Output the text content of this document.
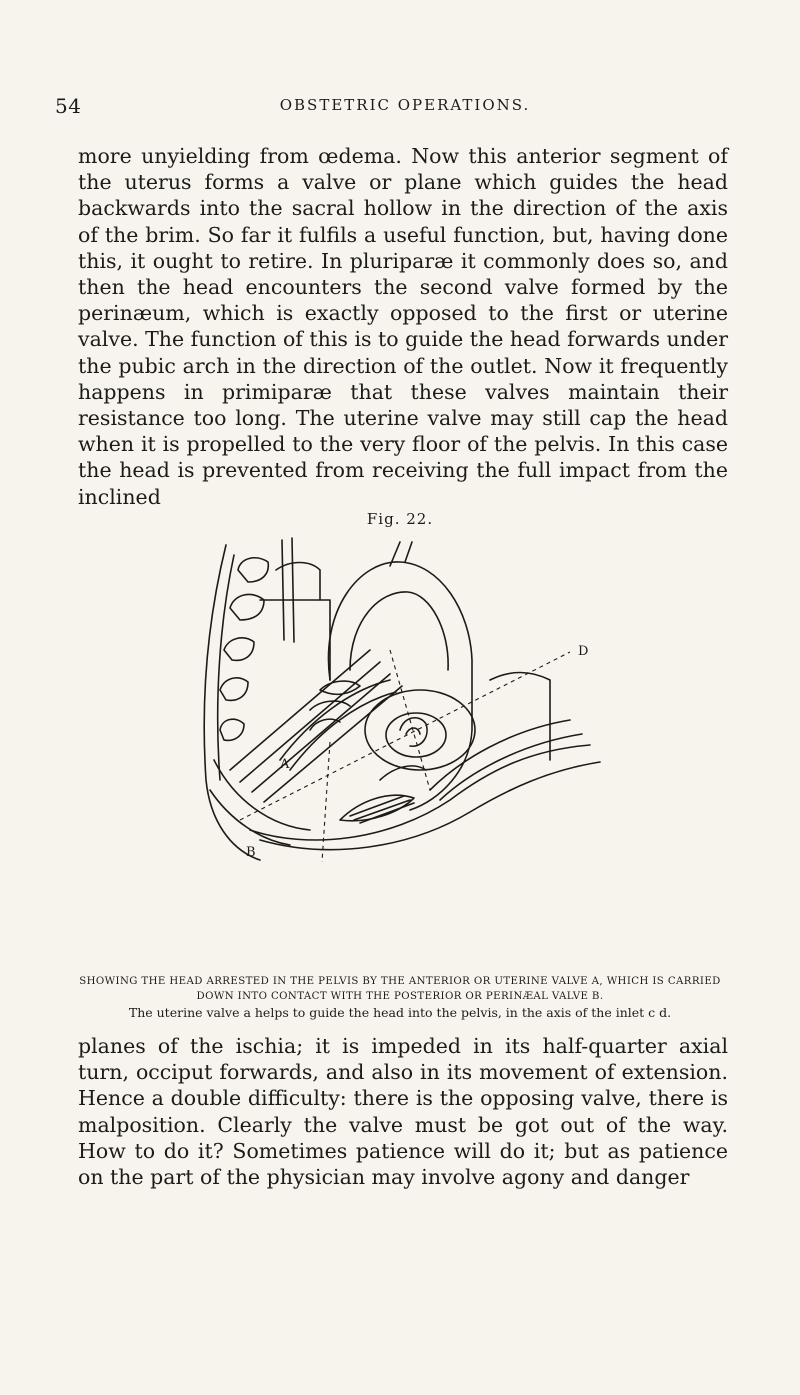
54	OBSTETRIC OPERATIONS.

more unyielding from œdema. Now this anterior segment of the uterus forms a valve or plane which guides the head backwards into the sacral hollow in the direction of the axis of the brim. So far it fulfils a useful function, but, having done this, it ought to retire. In pluriparæ it commonly does so, and then the head encounters the second valve formed by the perinæum, which is exactly opposed to the first or uterine valve. The function of this is to guide the head forwards under the pubic arch in the direction of the outlet. Now it frequently happens in primiparæ that these valves maintain their resistance too long. The uterine valve may still cap the head when it is propelled to the very floor of the pelvis. In this case the head is prevented from receiving the full impact from the inclined

Fig. 22.
A
B
D
SHOWING THE HEAD ARRESTED IN THE PELVIS BY THE ANTERIOR OR UTERINE VALVE A, WHICH IS CARRIED DOWN INTO CONTACT WITH THE POSTERIOR OR PERINÆAL VALVE B.
The uterine valve a helps to guide the head into the pelvis, in the axis of the inlet c d.

planes of the ischia; it is impeded in its half-quarter axial turn, occiput forwards, and also in its movement of extension. Hence a double difficulty: there is the opposing valve, there is malposition. Clearly the valve must be got out of the way. How to do it? Sometimes patience will do it; but as patience on the part of the physician may involve agony and danger
